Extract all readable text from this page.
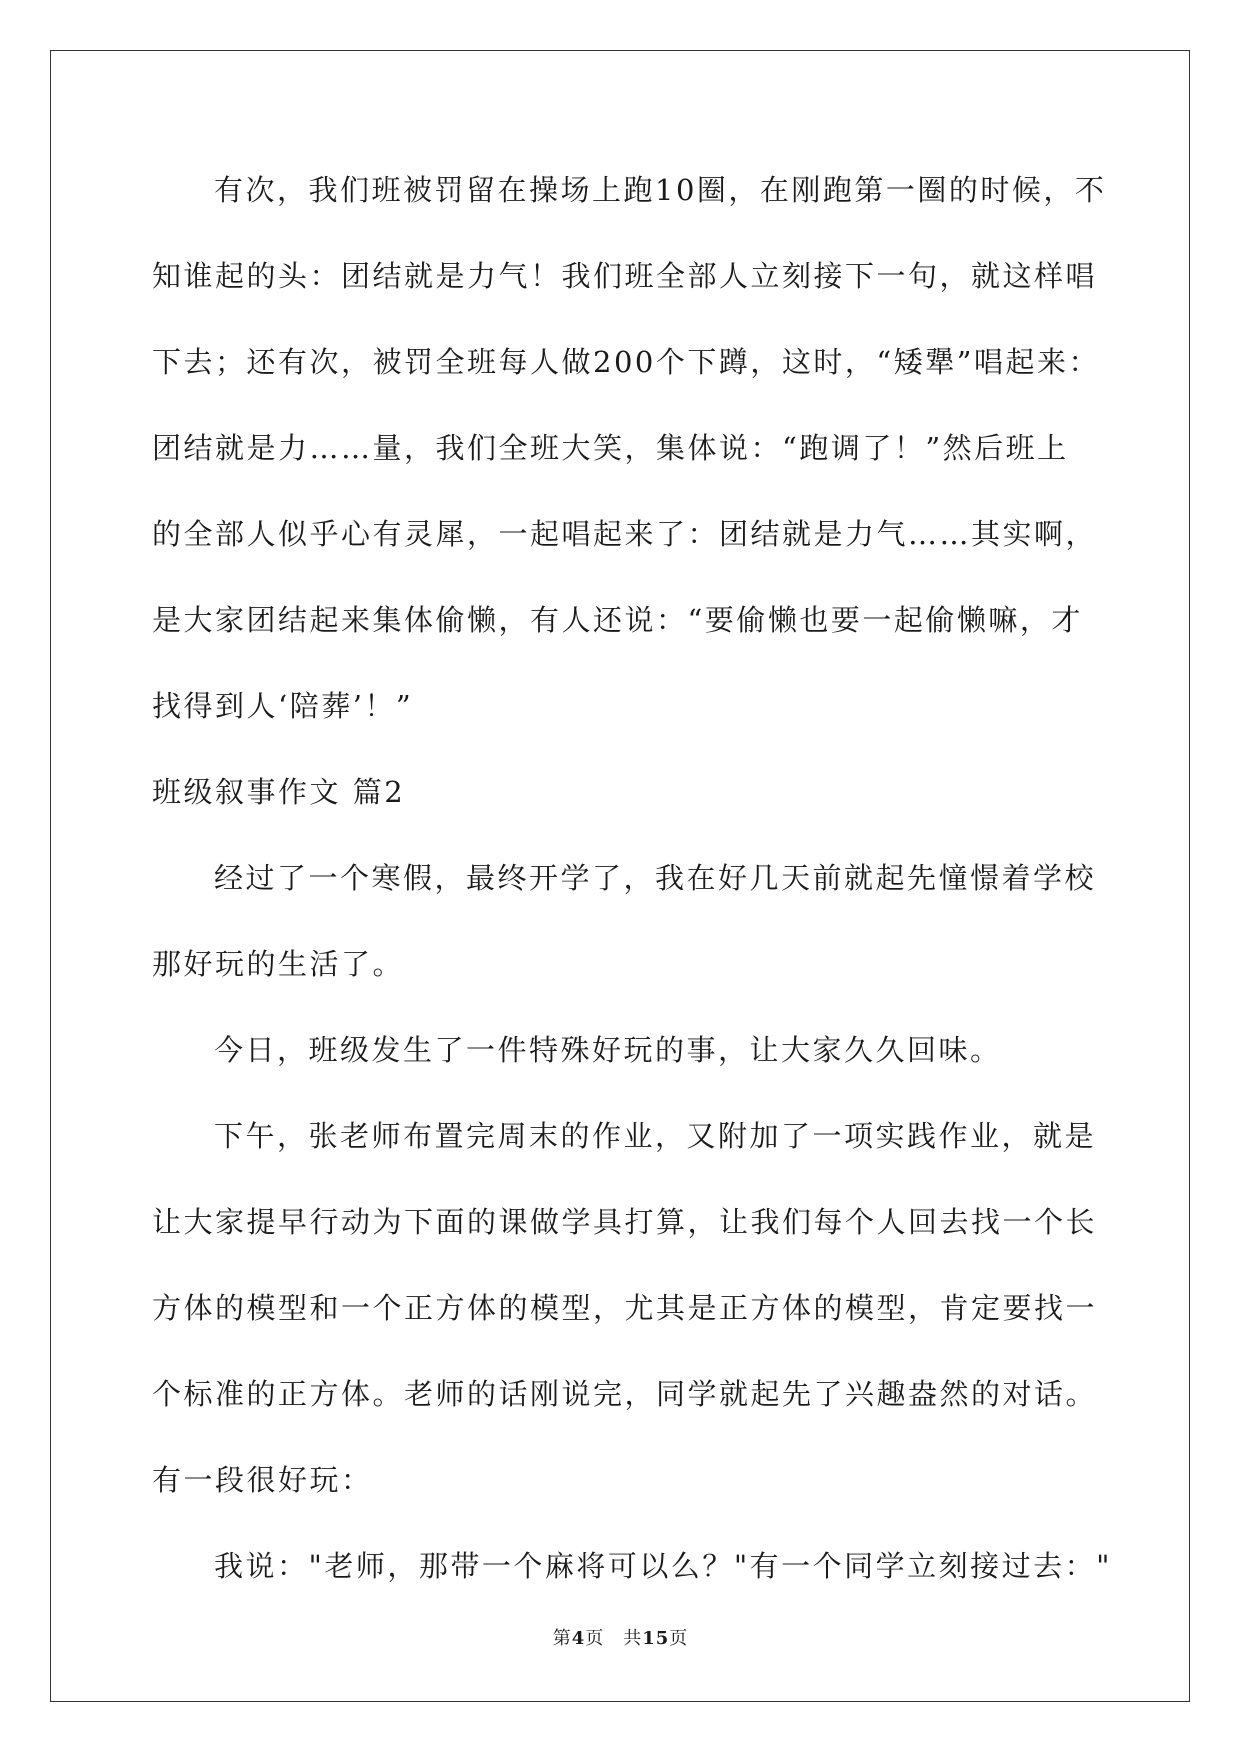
有次，我们班被罚留在操场上跑10圈，在刚跑第一圈的时候，不
知谁起的头：团结就是力气！我们班全部人立刻接下一句，就这样唱
下去；还有次，被罚全班每人做200个下蹲，这时，“矮犟”唱起来：
团结就是力……量，我们全班大笑，集体说：“跑调了！”然后班上
的全部人似乎心有灵犀，一起唱起来了：团结就是力气……其实啊，
是大家团结起来集体偷懒，有人还说：“要偷懒也要一起偷懒嘛，才
找得到人‘陪葬’！”
班级叙事作文 篇2
经过了一个寒假，最终开学了，我在好几天前就起先憧憬着学校
那好玩的生活了。
今日，班级发生了一件特殊好玩的事，让大家久久回味。
下午，张老师布置完周末的作业，又附加了一项实践作业，就是
让大家提早行动为下面的课做学具打算，让我们每个人回去找一个长
方体的模型和一个正方体的模型，尤其是正方体的模型，肯定要找一
个标准的正方体。老师的话刚说完，同学就起先了兴趣盎然的对话。
有一段很好玩：
我说："老师，那带一个麻将可以么？"有一个同学立刻接过去："
第4页　共15页
